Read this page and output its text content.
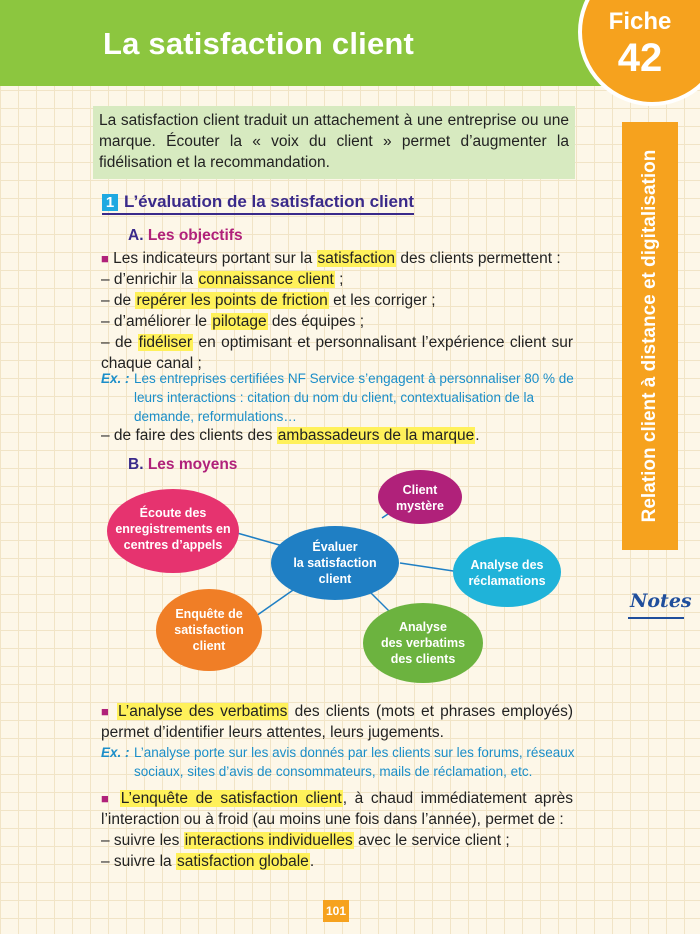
La satisfaction client
Fiche
42
Relation client à distance et digitalisation
Notes
La satisfaction client traduit un attachement à une entreprise ou une marque. Écouter la « voix du client » permet d’augmenter la fidélisation et la recommandation.
1 L’évaluation de la satisfaction client
A. Les objectifs

■ Les indicateurs portant sur la satisfaction des clients permettent :

– d’enrichir la connaissance client ;

– de repérer les points de friction et les corriger ;

– d’améliorer le pilotage des équipes ;

– de fidéliser en optimisant et personnalisant l’expérience client sur chaque canal ;

Ex. : Les entreprises certifiées NF Service s’engagent à personnaliser 80 % de leurs interactions : citation du nom du client, contextualisation de la demande, reformulations…

– de faire des clients des ambassadeurs de la marque.

B. Les moyens
Évaluer
la satisfaction
client
Écoute des
enregistrements en
centres d’appels
Client
mystère
Analyse des
réclamations
Analyse
des verbatims
des clients
Enquête de
satisfaction
client

■ L’analyse des verbatims des clients (mots et phrases employés) permet d’identifier leurs attentes, leurs jugements.

Ex. : L’analyse porte sur les avis donnés par les clients sur les forums, réseaux sociaux, sites d’avis de consommateurs, mails de réclamation, etc.

■ L’enquête de satisfaction client, à chaud immédiatement après l’interaction ou à froid (au moins une fois dans l’année), permet de :

– suivre les interactions individuelles avec le service client ;

– suivre la satisfaction globale.

101
